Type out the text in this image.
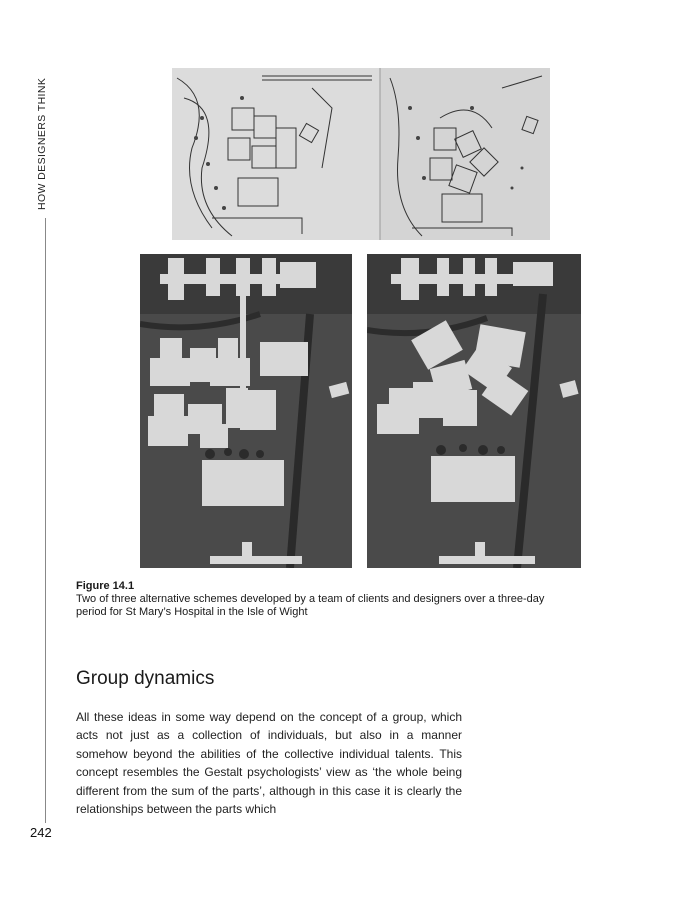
HOW DESIGNERS THINK
242
Figure 14.1
Two of three alternative schemes developed by a team of clients and designers over a three-day period for St Mary’s Hospital in the Isle of Wight
Group dynamics

All these ideas in some way depend on the concept of a group, which acts not just as a collection of individuals, but also in a manner somehow beyond the abilities of the collective individual talents. This concept resembles the Gestalt psychologists’ view as ‘the whole being different from the sum of the parts’, although in this case it is clearly the relationships between the parts which
